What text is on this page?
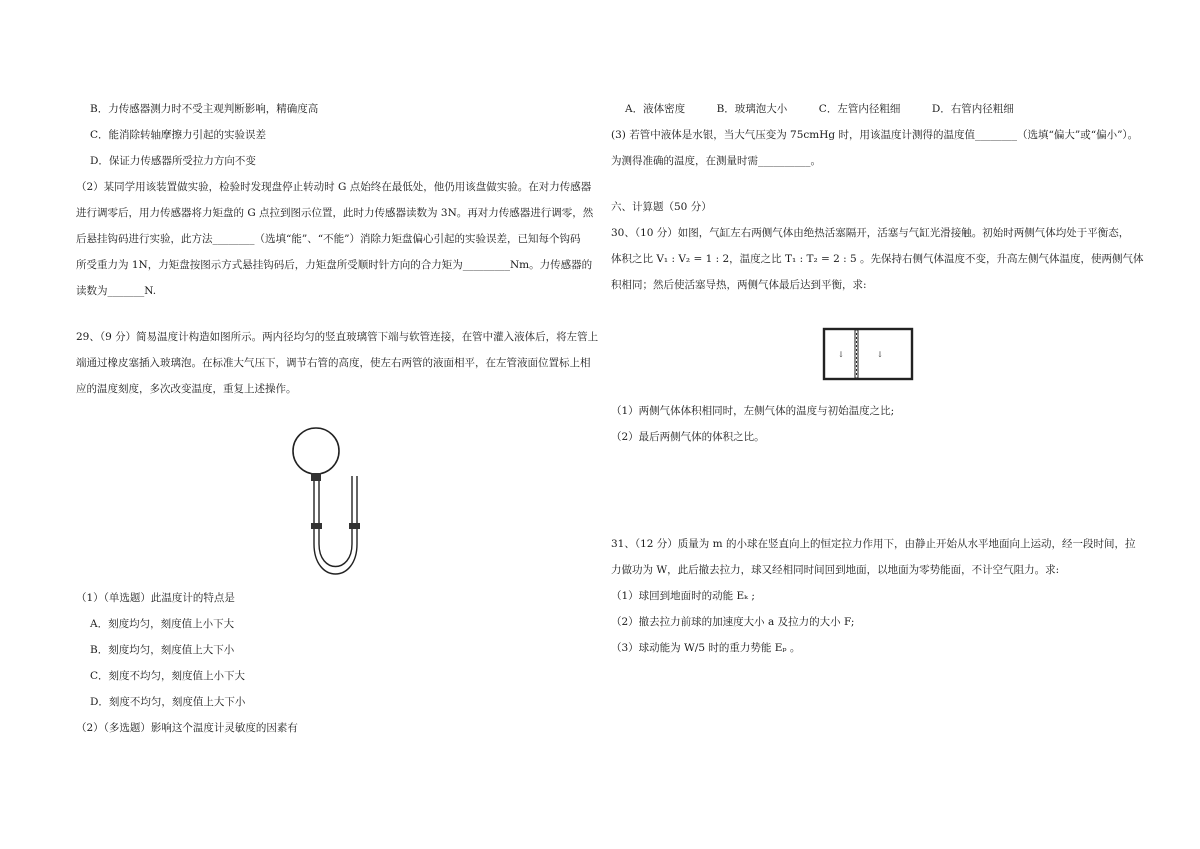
B．力传感器测力时不受主观判断影响，精确度高
C．能消除转轴摩擦力引起的实验误差
D．保证力传感器所受拉力方向不变
（2）某同学用该装置做实验，检验时发现盘停止转动时 G 点始终在最低处，他仍用该盘做实验。在对力传感器
进行调零后，用力传感器将力矩盘的 G 点拉到图示位置，此时力传感器读数为 3N。再对力传感器进行调零，然
后悬挂钩码进行实验，此方法________（选填“能”、“不能”）消除力矩盘偏心引起的实验误差，已知每个钩码
所受重力为 1N，力矩盘按图示方式悬挂钩码后，力矩盘所受顺时针方向的合力矩为_________Nm。力传感器的
读数为_______N.
29、（9 分）简易温度计构造如图所示。两内径均匀的竖直玻璃管下端与软管连接，在管中灌入液体后，将左管上
端通过橡皮塞插入玻璃泡。在标准大气压下，调节右管的高度，使左右两管的液面相平，在左管液面位置标上相
应的温度刻度，多次改变温度，重复上述操作。
（1）（单选题）此温度计的特点是
A．刻度均匀，刻度值上小下大
B．刻度均匀，刻度值上大下小
C．刻度不均匀，刻度值上小下大
D．刻度不均匀，刻度值上大下小
（2）（多选题）影响这个温度计灵敏度的因素有
A．液体密度　　　B．玻璃泡大小　　　C．左管内径粗细　　　D．右管内径粗细
(3) 若管中液体是水银，当大气压变为 75cmHg 时，用该温度计测得的温度值________（选填“偏大”或“偏小”）。
为测得准确的温度，在测量时需__________。
六、计算题（50 分）
30、（10 分）如图，气缸左右两侧气体由绝热活塞隔开，活塞与气缸光滑接触。初始时两侧气体均处于平衡态，
体积之比 V₁ : V₂ = 1 : 2，温度之比 T₁ : T₂ = 2 : 5 。先保持右侧气体温度不变，升高左侧气体温度，使两侧气体
积相同；然后使活塞导热，两侧气体最后达到平衡，求:
↓	↓
（1）两侧气体体积相同时，左侧气体的温度与初始温度之比;
（2）最后两侧气体的体积之比。
31、（12 分）质量为 m 的小球在竖直向上的恒定拉力作用下，由静止开始从水平地面向上运动，经一段时间，拉
力做功为 W，此后撤去拉力，球又经相同时间回到地面，以地面为零势能面，不计空气阻力。求:
（1）球回到地面时的动能 Eₖ ;
（2）撤去拉力前球的加速度大小 a 及拉力的大小 F;
（3）球动能为 W/5 时的重力势能 Eₚ 。
